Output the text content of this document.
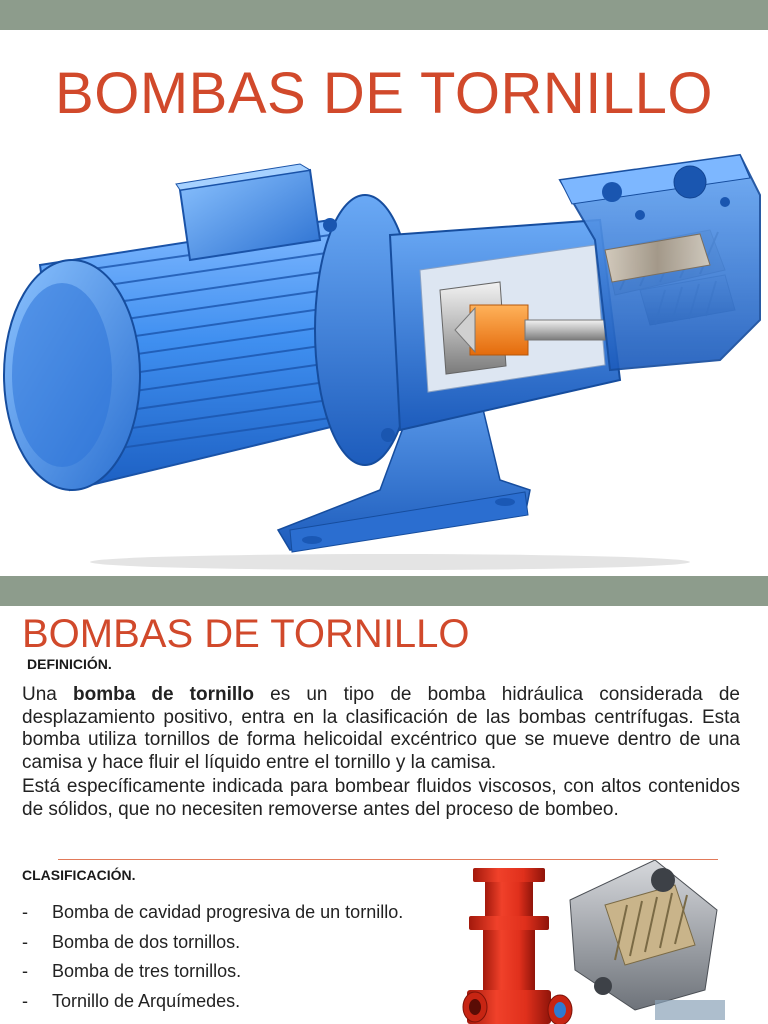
BOMBAS DE TORNILLO
BOMBAS DE TORNILLO

DEFINICIÓN.

Una bomba de tornillo es un tipo de bomba hidráulica considerada de desplazamiento positivo, entra en la clasificación de las bombas centrífugas. Esta bomba utiliza tornillos de forma helicoidal excéntrico que se mueve dentro de una camisa y hace fluir el líquido entre el tornillo y la camisa.

Está específicamente indicada para bombear fluidos viscosos, con altos contenidos de sólidos, que no necesiten removerse antes del proceso de bombeo.

CLASIFICACIÓN.

- Bomba de cavidad progresiva de un tornillo.
- Bomba de dos tornillos.
- Bomba de tres tornillos.
- Tornillo de Arquímedes.
